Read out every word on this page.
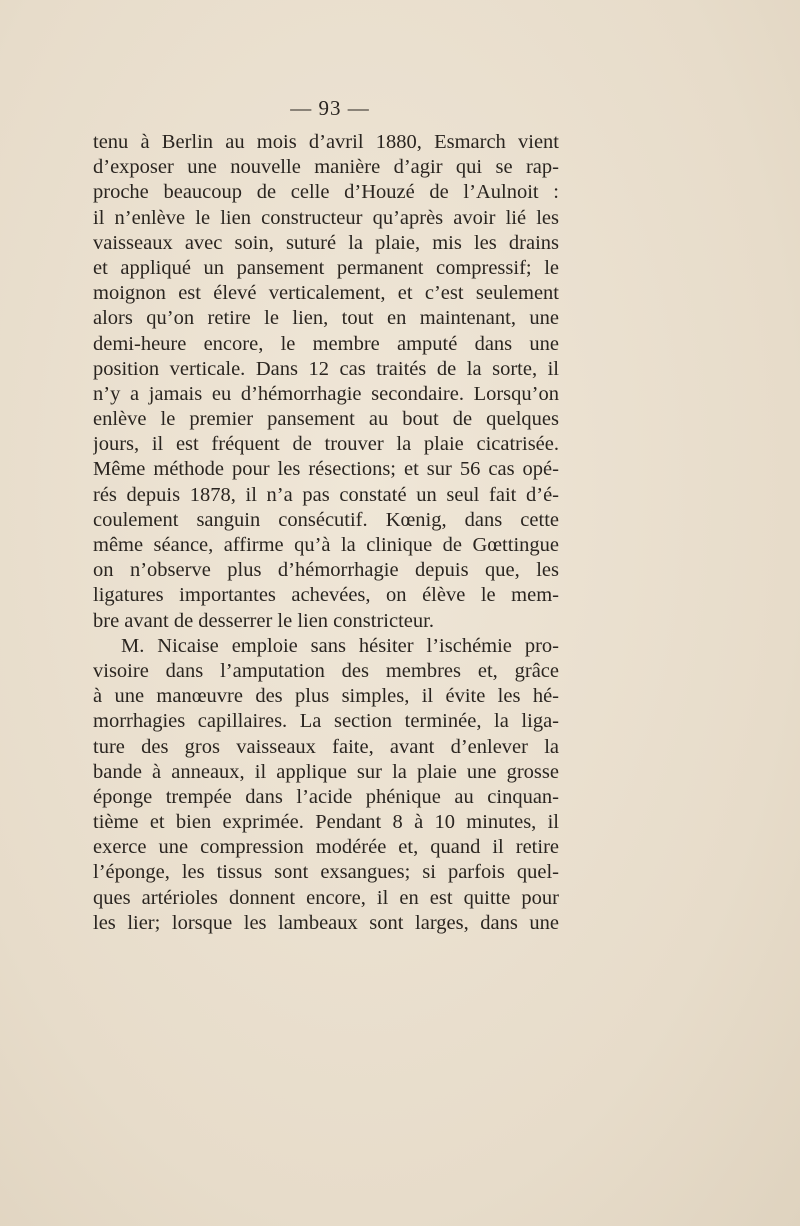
— 93 —
tenu à Berlin au mois d’avril 1880, Esmarch vient
d’exposer une nouvelle manière d’agir qui se rap-
proche beaucoup de celle d’Houzé de l’Aulnoit :
il n’enlève le lien constructeur qu’après avoir lié les
vaisseaux avec soin, suturé la plaie, mis les drains
et appliqué un pansement permanent compressif; le
moignon est élevé verticalement, et c’est seulement
alors qu’on retire le lien, tout en maintenant, une
demi-heure encore, le membre amputé dans une
position verticale. Dans 12 cas traités de la sorte, il
n’y a jamais eu d’hémorrhagie secondaire. Lorsqu’on
enlève le premier pansement au bout de quelques
jours, il est fréquent de trouver la plaie cicatrisée.
Même méthode pour les résections; et sur 56 cas opé-
rés depuis 1878, il n’a pas constaté un seul fait d’é-
coulement sanguin consécutif. Kœnig, dans cette
même séance, affirme qu’à la clinique de Gœttingue
on n’observe plus d’hémorrhagie depuis que, les
ligatures importantes achevées, on élève le mem-
bre avant de desserrer le lien constricteur.
M. Nicaise emploie sans hésiter l’ischémie pro-
visoire dans l’amputation des membres et, grâce
à une manœuvre des plus simples, il évite les hé-
morrhagies capillaires. La section terminée, la liga-
ture des gros vaisseaux faite, avant d’enlever la
bande à anneaux, il applique sur la plaie une grosse
éponge trempée dans l’acide phénique au cinquan-
tième et bien exprimée. Pendant 8 à 10 minutes, il
exerce une compression modérée et, quand il retire
l’éponge, les tissus sont exsangues; si parfois quel-
ques artérioles donnent encore, il en est quitte pour
les lier; lorsque les lambeaux sont larges, dans une
